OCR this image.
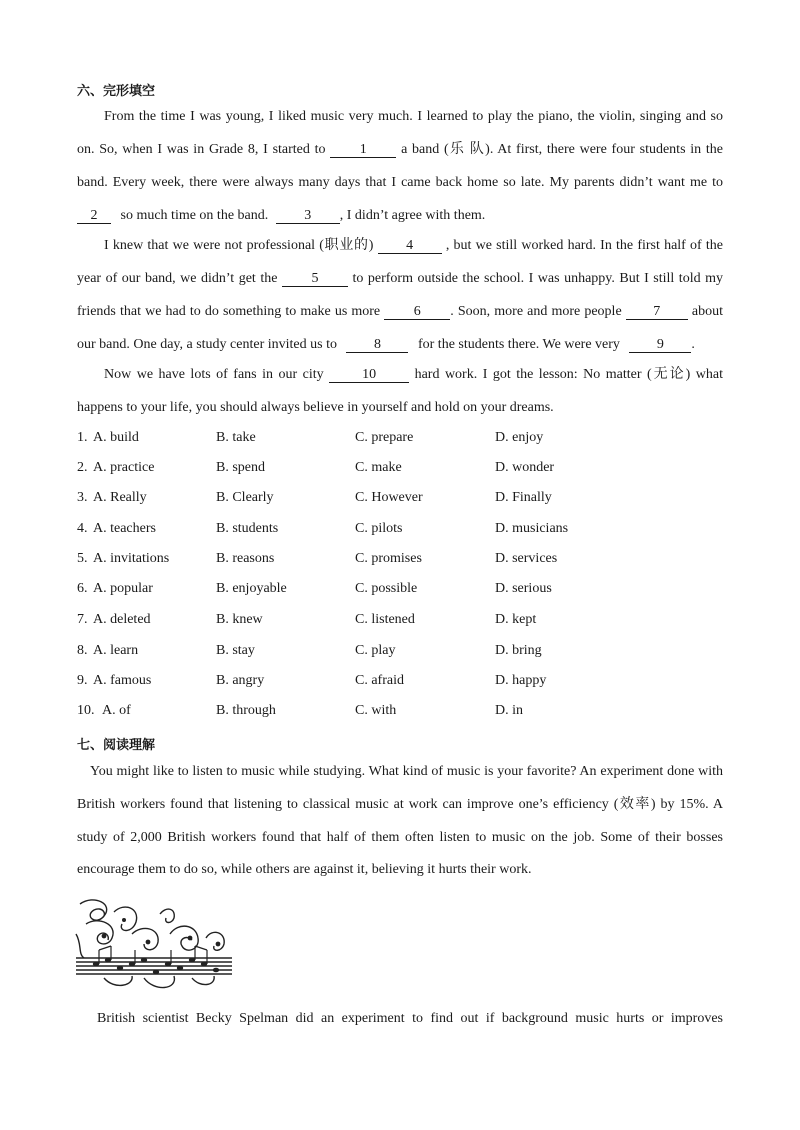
六、完形填空
From the time I was young, I liked music very much. I learned to play the piano, the violin, singing and so
on. So, when I was in Grade 8, I started to 1 a band (乐 队). At first, there were four students in the
band. Every week, there were always many days that I came back home so late. My parents didn’t want me to
2 so much time on the band.	3 , I didn’t agree with them.
I knew that we were not professional (职业的) 4 , but we still worked hard. In the first half of the
year of our band, we didn’t get the 5 to perform outside the school. I was unhappy. But I still told my
friends that we had to do something to make us more 6 . Soon, more and more people 7 about
our band. One day, a study center invited us to	8	for the students there. We were very	9 .
Now we have lots of fans in our city	10	hard work. I got the lesson: No matter (无论) what
happens to your life, you should always believe in yourself and hold on your dreams.
1. A. build	B. take	C. prepare	D. enjoy
2. A. practice	B. spend	C. make	D. wonder
3. A. Really	B. Clearly	C. However	D. Finally
4. A. teachers	B. students	C. pilots	D. musicians
5. A. invitations	B. reasons	C. promises	D. services
6. A. popular	B. enjoyable	C. possible	D. serious
7. A. deleted	B. knew	C. listened	D. kept
8. A. learn	B. stay	C. play	D. bring
9. A. famous	B. angry	C. afraid	D. happy
10. A. of	B. through	C. with	D. in
七、阅读理解
You might like to listen to music while studying. What kind of music is your favorite? An experiment done with
British workers found that listening to classical music at work can improve one’s efficiency (效率) by 15%. A
study of 2,000 British workers found that half of them often listen to music on the job. Some of their bosses
encourage them to do so, while others are against it, believing it hurts their work.
British scientist Becky Spelman did an experiment to find out if background music hurts or improves
